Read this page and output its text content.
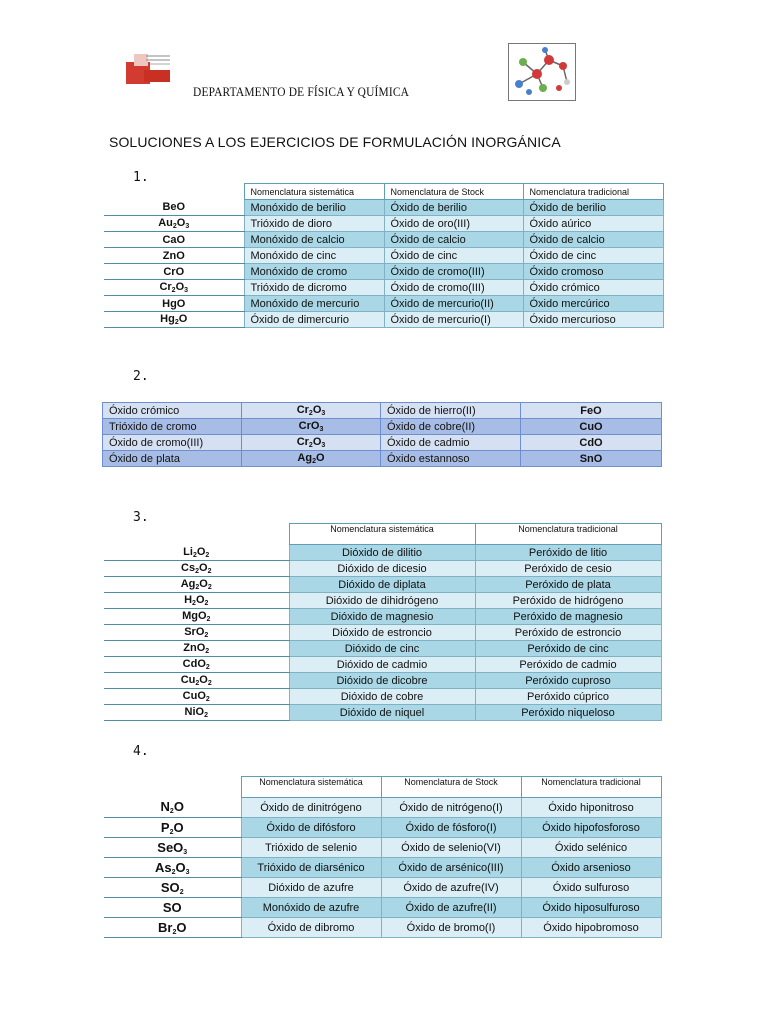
DEPARTAMENTO DE FÍSICA Y QUÍMICA
SOLUCIONES A LOS EJERCICIOS DE FORMULACIÓN INORGÁNICA
1.
	Nomenclatura sistemática	Nomenclatura de Stock	Nomenclatura tradicional
BeO	Monóxido de berilio	Óxido de berilio	Óxido de berilio
$Au_2O_3$	Trióxido de dioro	Óxido de oro(III)	Óxido aúrico
CaO	Monóxido de calcio	Óxido de calcio	Óxido de calcio
ZnO	Monóxido de cinc	Óxido de cinc	Óxido de cinc
CrO	Monóxido de cromo	Óxido de cromo(III)	Óxido cromoso
$Cr_2O_3$	Trióxido de dicromo	Óxido de cromo(III)	Óxido crómico
HgO	Monóxido de mercurio	Óxido de mercurio(II)	Óxido mercúrico
$Hg_2O$	Óxido de dimercurio	Óxido de mercurio(I)	Óxido mercurioso
2.
Óxido crómico	$Cr_2O_3$	Óxido de hierro(II)	FeO
Trióxido de cromo	CrO$_3$	Óxido de cobre(II)	CuO
Óxido de cromo(III)	$Cr_2O_3$	Óxido de cadmio	CdO
Óxido de plata	$Ag_2O$	Óxido estannoso	SnO
3.
	Nomenclatura sistemática	Nomenclatura tradicional
$Li_2O_2$	Dióxido de dilitio	Peróxido de litio
$Cs_2O_2$	Dióxido de dicesio	Peróxido de cesio
$Ag_2O_2$	Dióxido de diplata	Peróxido de plata
$H_2O_2$	Dióxido de dihidrógeno	Peróxido de hidrógeno
MgO$_2$	Dióxido de magnesio	Peróxido de magnesio
SrO$_2$	Dióxido de estroncio	Peróxido de estroncio
ZnO$_2$	Dióxido de cinc	Peróxido de cinc
CdO$_2$	Dióxido de cadmio	Peróxido de cadmio
$Cu_2O_2$	Dióxido de dicobre	Peróxido cuproso
CuO$_2$	Dióxido de cobre	Peróxido cúprico
NiO$_2$	Dióxido de niquel	Peróxido niqueloso
4.
	Nomenclatura sistemática	Nomenclatura de Stock	Nomenclatura tradicional
$N_2O$	Óxido de dinitrógeno	Óxido de nitrógeno(I)	Óxido hiponitroso
$P_2O$	Óxido de difósforo	Óxido de fósforo(I)	Óxido hipofosforoso
SeO$_3$	Trióxido de selenio	Óxido de selenio(VI)	Óxido selénico
$As_2O_3$	Trióxido de diarsénico	Óxido de arsénico(III)	Óxido arsenioso
$SO_2$	Dióxido de azufre	Óxido de azufre(IV)	Óxido sulfuroso
SO	Monóxido de azufre	Óxido de azufre(II)	Óxido hiposulfuroso
$Br_2O$	Óxido de dibromo	Óxido de bromo(I)	Óxido hipobromoso
